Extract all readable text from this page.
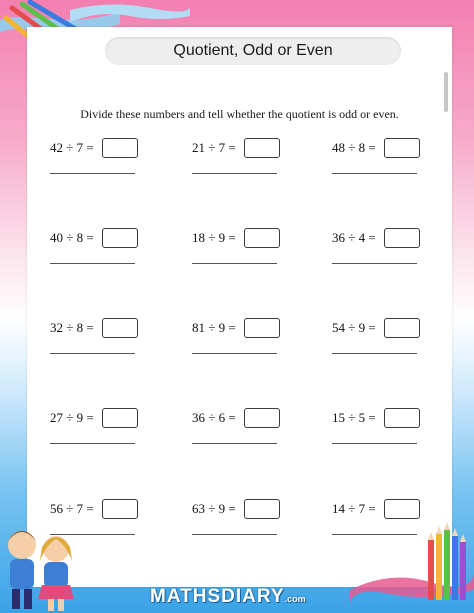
Quotient, Odd or Even
Divide these numbers and tell whether the quotient is odd or even.
42 ÷ 7 =	21 ÷ 7 =	48 ÷ 8 =
40 ÷ 8 =	18 ÷ 9 =	36 ÷ 4 =
32 ÷ 8 =	81 ÷ 9 =	54 ÷ 9 =
27 ÷ 9 =	36 ÷ 6 =	15 ÷ 5 =
56 ÷ 7 =	63 ÷ 9 =	14 ÷ 7 =
MATHSDIARY.com
